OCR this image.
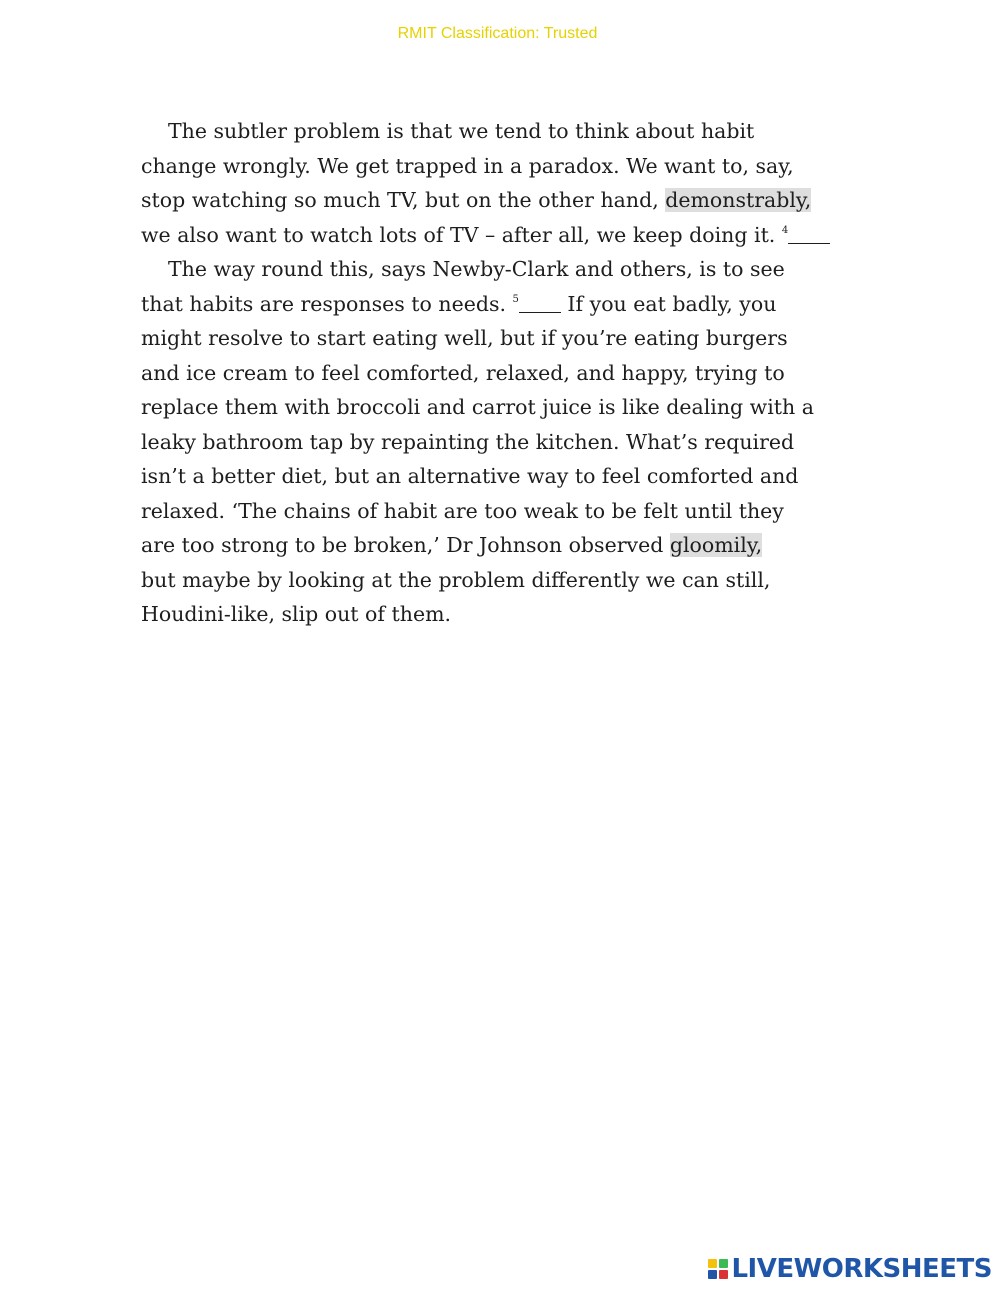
RMIT Classification: Trusted
The subtler problem is that we tend to think about habit
change wrongly. We get trapped in a paradox. We want to, say,
stop watching so much TV, but on the other hand, demonstrably,
we also want to watch lots of TV – after all, we keep doing it. $^4$
The way round this, says Newby-Clark and others, is to see
that habits are responses to needs. $^5$ If you eat badly, you
might resolve to start eating well, but if you’re eating burgers
and ice cream to feel comforted, relaxed, and happy, trying to
replace them with broccoli and carrot juice is like dealing with a
leaky bathroom tap by repainting the kitchen. What’s required
isn’t a better diet, but an alternative way to feel comforted and
relaxed. ‘The chains of habit are too weak to be felt until they
are too strong to be broken,’ Dr Johnson observed gloomily,
but maybe by looking at the problem differently we can still,
Houdini-like, slip out of them.
LIVEWORKSHEETS
